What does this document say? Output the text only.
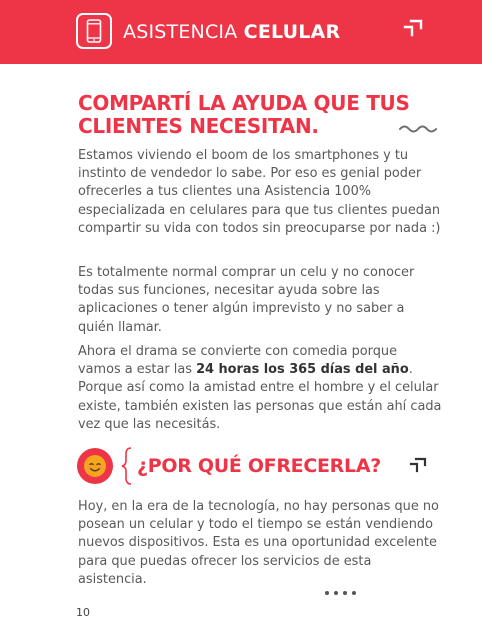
ASISTENCIA CELULAR
COMPARTÍ LA AYUDA QUE TUS
CLIENTES NECESITAN.

Estamos viviendo el boom de los smartphones y tu instinto de vendedor lo sabe. Por eso es genial poder ofrecerles a tus clientes una Asistencia 100% especializada en celulares para que tus clientes puedan compartir su vida con todos sin preocuparse por nada :)

Es totalmente normal comprar un celu y no conocer todas sus funciones, necesitar ayuda sobre las aplicaciones o tener algún imprevisto y no saber a quién llamar.

Ahora el drama se convierte con comedia porque vamos a estar las 24 horas los 365 días del año. Porque así como la amistad entre el hombre y el celular existe, también existen las personas que están ahí cada vez que las necesitás.

¿POR QUÉ OFRECERLA?

Hoy, en la era de la tecnología, no hay personas que no posean un celular y todo el tiempo se están vendiendo nuevos dispositivos. Esta es una oportunidad excelente para que puedas ofrecer los servicios de esta asistencia.

10
